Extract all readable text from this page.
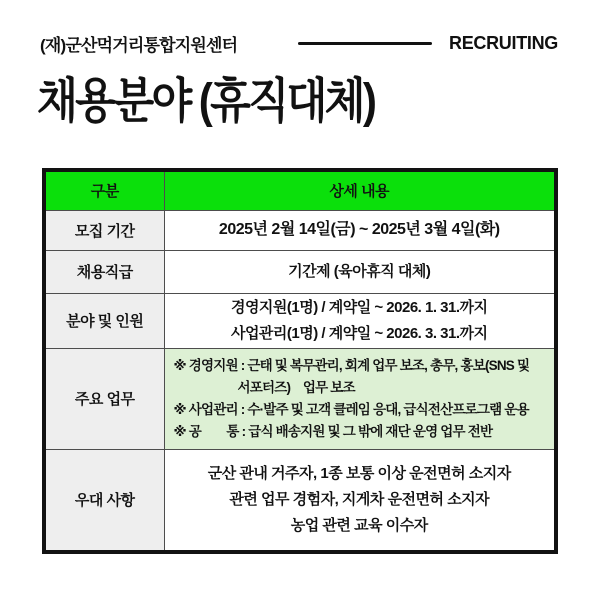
(재)군산먹거리통합지원센터	RECRUITING
채용분야 (휴직대체)
구분	상세 내용
모집 기간	2025년 2월 14일(금) ~ 2025년 3월 4일(화)

채용직급	기간제 (육아휴직 대체)

분야 및 인원	경영지원(1명) / 계약일 ~ 2026. 1. 31.까지
사업관리(1명) / 계약일 ~ 2026. 3. 31.까지

주요 업무	※ 경영지원 : 근태 및 복무관리, 회계 업무 보조, 총무, 홍보(SNS 및
서포터즈)　업무 보조
※ 사업관리 : 수·발주 및 고객 클레임 응대, 급식전산프로그램 운용
※ 공　　통 : 급식 배송지원 및 그 밖에 재단 운영 업무 전반

우대 사항	군산 관내 거주자, 1종 보통 이상 운전면허 소지자
관련 업무 경험자, 지게차 운전면허 소지자
농업 관련 교육 이수자
